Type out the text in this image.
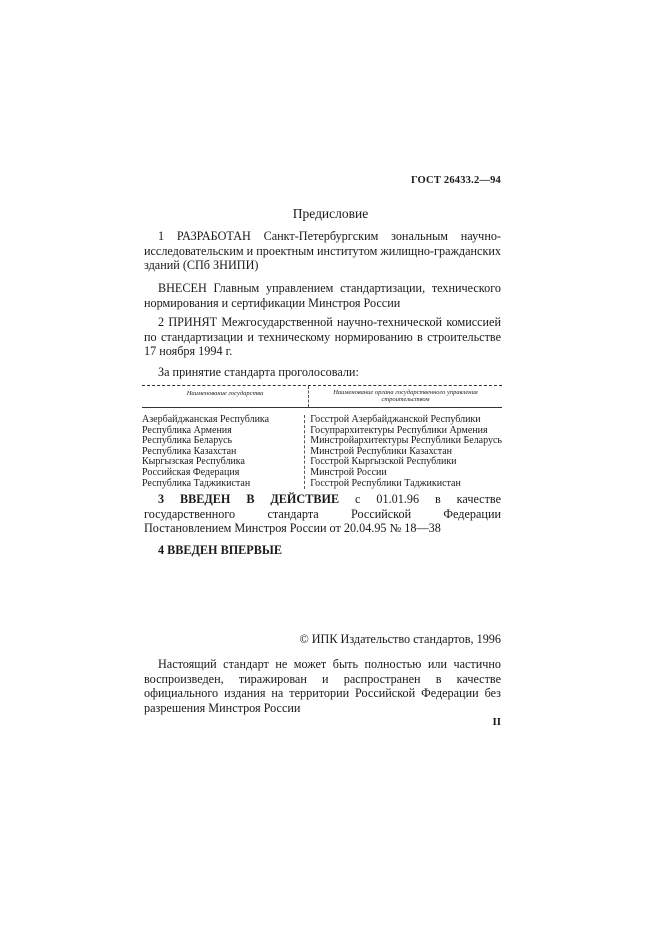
ГОСТ 26433.2—94
Предисловие
1 РАЗРАБОТАН Санкт-Петербургским зональным научно-исследовательским и проектным институтом жилищно-гражданских зданий (СПб ЗНИПИ)
ВНЕСЕН Главным управлением стандартизации, технического нормирования и сертификации Минстроя России
2 ПРИНЯТ Межгосударственной научно-технической комиссией по стандартизации и техническому нормированию в строительстве 17 ноября 1994 г.
За принятие стандарта проголосовали:
Наименование государства	Наименование органа государственного управления строительством
Азербайджанская Республика
Республика Армения
Республика Беларусь
Республика Казахстан
Кыргызская Республика
Российская Федерация
Республика Таджикистан
Госстрой Азербайджанской Республики
Госупрархитектуры Республики Армения
Минстройархитектуры Республики Беларусь
Минстрой Республики Казахстан
Госстрой Кыргызской Республики
Минстрой России
Госстрой Республики Таджикистан
3 ВВЕДЕН В ДЕЙСТВИЕ с 01.01.96 в качестве государственного стандарта Российской Федерации Постановлением Минстроя России от 20.04.95 № 18—38
4 ВВЕДЕН ВПЕРВЫЕ
© ИПК Издательство стандартов, 1996
Настоящий стандарт не может быть полностью или частично воспроизведен, тиражирован и распространен в качестве официального издания на территории Российской Федерации без разрешения Минстроя России
II
